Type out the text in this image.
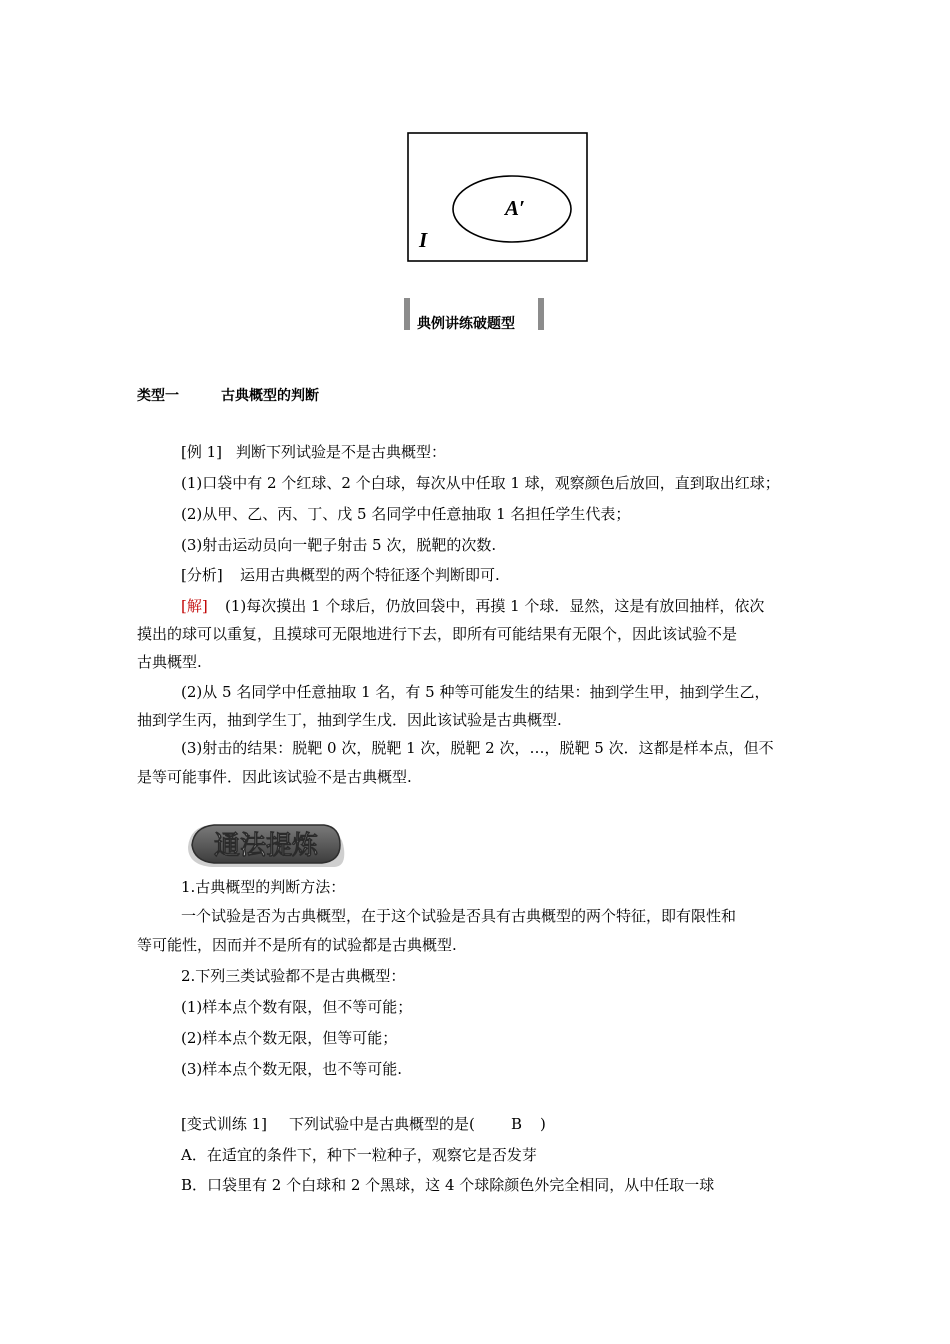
A′
I
典例讲练破题型
类型一	古典概型的判断
[例 1] 判断下列试验是不是古典概型：
(1)口袋中有 2 个红球、2 个白球，每次从中任取 1 球，观察颜色后放回，直到取出红球；
(2)从甲、乙、丙、丁、戊 5 名同学中任意抽取 1 名担任学生代表；
(3)射击运动员向一靶子射击 5 次，脱靶的次数.
[分析] 运用古典概型的两个特征逐个判断即可.
[解] (1)每次摸出 1 个球后，仍放回袋中，再摸 1 个球．显然，这是有放回抽样，依次
摸出的球可以重复，且摸球可无限地进行下去，即所有可能结果有无限个，因此该试验不是
古典概型.
(2)从 5 名同学中任意抽取 1 名，有 5 种等可能发生的结果：抽到学生甲，抽到学生乙，
抽到学生丙，抽到学生丁，抽到学生戊．因此该试验是古典概型.
(3)射击的结果：脱靶 0 次，脱靶 1 次，脱靶 2 次，…，脱靶 5 次．这都是样本点，但不
是等可能事件．因此该试验不是古典概型.
通法提炼
1.古典概型的判断方法：
一个试验是否为古典概型，在于这个试验是否具有古典概型的两个特征，即有限性和
等可能性，因而并不是所有的试验都是古典概型.
2.下列三类试验都不是古典概型：
(1)样本点个数有限，但不等可能；
(2)样本点个数无限，但等可能；
(3)样本点个数无限，也不等可能.
[变式训练 1] 下列试验中是古典概型的是( B )
A．在适宜的条件下，种下一粒种子，观察它是否发芽
B．口袋里有 2 个白球和 2 个黑球，这 4 个球除颜色外完全相同，从中任取一球
